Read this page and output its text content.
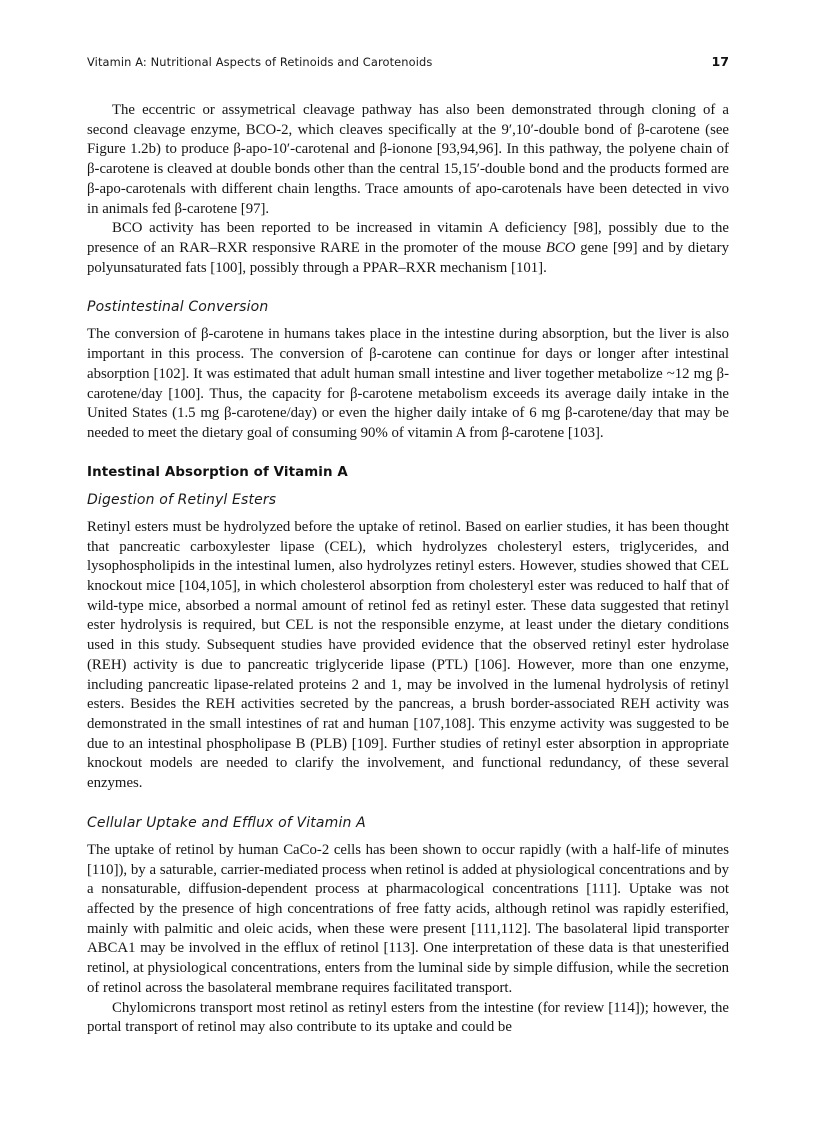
Vitamin A: Nutritional Aspects of Retinoids and Carotenoids	17

The eccentric or assymetrical cleavage pathway has also been demonstrated through cloning of a second cleavage enzyme, BCO-2, which cleaves specifically at the 9′,10′-double bond of β-carotene (see Figure 1.2b) to produce β-apo-10′-carotenal and β-ionone [93,94,96]. In this pathway, the polyene chain of β-carotene is cleaved at double bonds other than the central 15,15′-double bond and the products formed are β-apo-carotenals with different chain lengths. Trace amounts of apo-carotenals have been detected in vivo in animals fed β-carotene [97].

BCO activity has been reported to be increased in vitamin A deficiency [98], possibly due to the presence of an RAR–RXR responsive RARE in the promoter of the mouse BCO gene [99] and by dietary polyunsaturated fats [100], possibly through a PPAR–RXR mechanism [101].

Postintestinal Conversion

The conversion of β-carotene in humans takes place in the intestine during absorption, but the liver is also important in this process. The conversion of β-carotene can continue for days or longer after intestinal absorption [102]. It was estimated that adult human small intestine and liver together metabolize ~12 mg β-carotene/day [100]. Thus, the capacity for β-carotene metabolism exceeds its average daily intake in the United States (1.5 mg β-carotene/day) or even the higher daily intake of 6 mg β-carotene/day that may be needed to meet the dietary goal of consuming 90% of vitamin A from β-carotene [103].

Intestinal Absorption of Vitamin A
Digestion of Retinyl Esters

Retinyl esters must be hydrolyzed before the uptake of retinol. Based on earlier studies, it has been thought that pancreatic carboxylester lipase (CEL), which hydrolyzes cholesteryl esters, triglycerides, and lysophospholipids in the intestinal lumen, also hydrolyzes retinyl esters. However, studies showed that CEL knockout mice [104,105], in which cholesterol absorption from cholesteryl ester was reduced to half that of wild-type mice, absorbed a normal amount of retinol fed as retinyl ester. These data suggested that retinyl ester hydrolysis is required, but CEL is not the responsible enzyme, at least under the dietary conditions used in this study. Subsequent studies have provided evidence that the observed retinyl ester hydrolase (REH) activity is due to pancreatic triglyceride lipase (PTL) [106]. However, more than one enzyme, including pancreatic lipase-related proteins 2 and 1, may be involved in the lumenal hydrolysis of retinyl esters. Besides the REH activities secreted by the pancreas, a brush border-associated REH activity was demonstrated in the small intestines of rat and human [107,108]. This enzyme activity was suggested to be due to an intestinal phospholipase B (PLB) [109]. Further studies of retinyl ester absorption in appropriate knockout models are needed to clarify the involvement, and functional redundancy, of these several enzymes.

Cellular Uptake and Efflux of Vitamin A

The uptake of retinol by human CaCo-2 cells has been shown to occur rapidly (with a half-life of minutes [110]), by a saturable, carrier-mediated process when retinol is added at physiological concentrations and by a nonsaturable, diffusion-dependent process at pharmacological concentrations [111]. Uptake was not affected by the presence of high concentrations of free fatty acids, although retinol was rapidly esterified, mainly with palmitic and oleic acids, when these were present [111,112]. The basolateral lipid transporter ABCA1 may be involved in the efflux of retinol [113]. One interpretation of these data is that unesterified retinol, at physiological concentrations, enters from the luminal side by simple diffusion, while the secretion of retinol across the basolateral membrane requires facilitated transport.

Chylomicrons transport most retinol as retinyl esters from the intestine (for review [114]); however, the portal transport of retinol may also contribute to its uptake and could be
